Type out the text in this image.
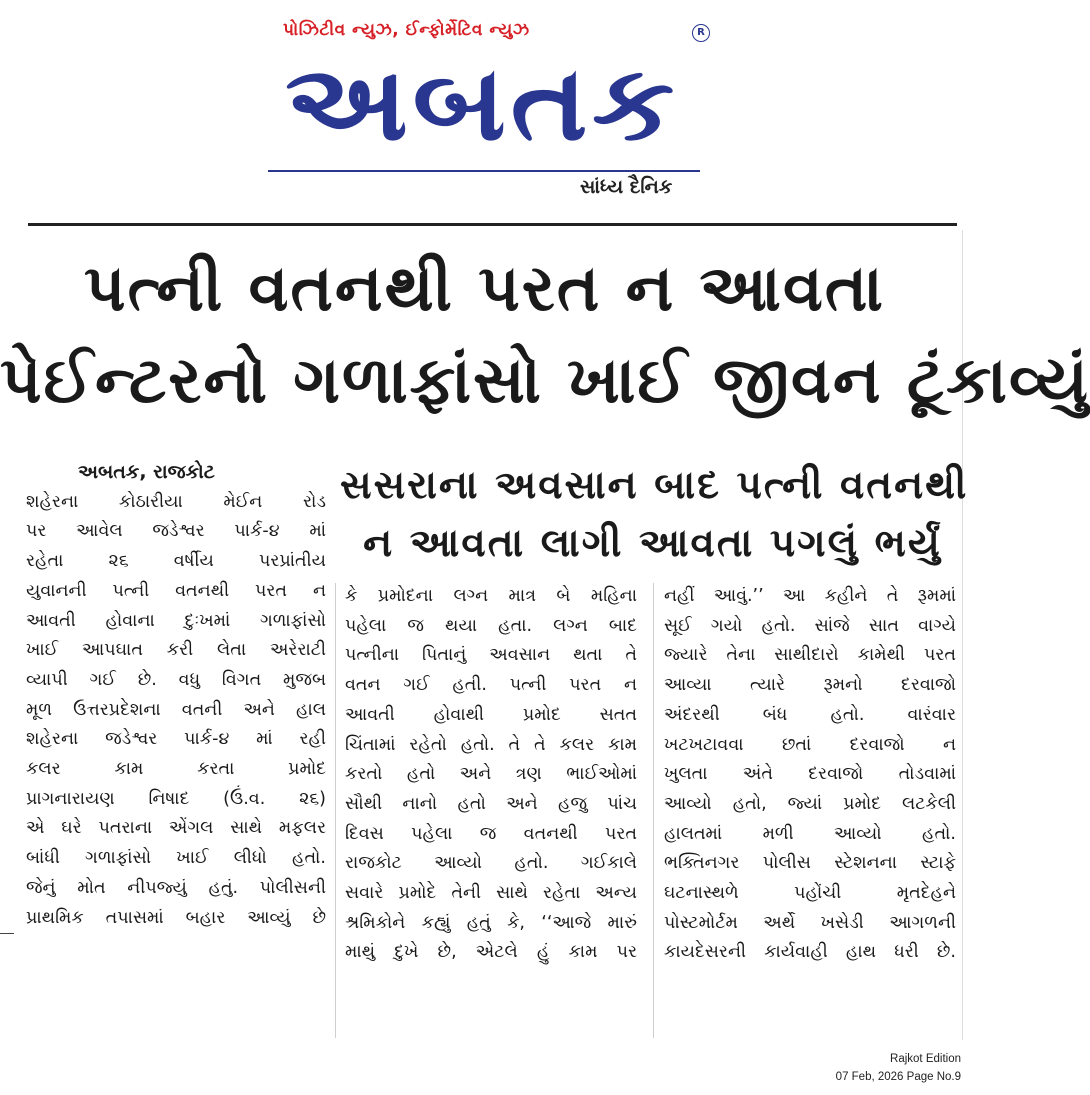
પોઝિટીવ ન્યુઝ, ઈન્ફોર્મેટિવ ન્યુઝ	R
અબતક
સાંધ્ય દૈનિક
પત્ની વતનથી પરત ન આવતા
પેઈન્ટરનો ગળાફાંસો ખાઈ જીવન ટૂંકાવ્યું
સસરાના અવસાન બાદ પત્ની વતનથી
ન આવતા લાગી આવતા પગલું ભર્યું
અબતક, રાજકોટ
શહેરના કોઠારીયા મેઈન રોડ
પર આવેલ જડેશ્વર પાર્ક-૪ માં
રહેતા ૨૬ વર્ષીય પરપ્રાંતીય
યુવાનની પત્ની વતનથી પરત ન
આવતી હોવાના દુઃખમાં ગળાફાંસો
ખાઈ આપઘાત કરી લેતા અરેરાટી
વ્યાપી ગઈ છે. વધુ વિગત મુજબ
મૂળ ઉત્તરપ્રદેશના વતની અને હાલ
શહેરના જડેશ્વર પાર્ક-૪ માં રહી
કલર કામ કરતા પ્રમોદ
પ્રાગનારાયણ નિષાદ (ઉં.વ. ૨૬)
એ ઘરે પતરાના એંગલ સાથે મફલર
બાંધી ગળાફાંસો ખાઈ લીધો હતો.
જેનું મોત નીપજ્યું હતું. પોલીસની
પ્રાથમિક તપાસમાં બહાર આવ્યું છે
કે પ્રમોદના લગ્ન માત્ર બે મહિના
પહેલા જ થયા હતા. લગ્ન બાદ
પત્નીના પિતાનું અવસાન થતા તે
વતન ગઈ હતી. પત્ની પરત ન
આવતી હોવાથી પ્રમોદ સતત
ચિંતામાં રહેતો હતો. તે તે કલર કામ
કરતો હતો અને ત્રણ ભાઈઓમાં
સૌથી નાનો હતો અને હજુ પાંચ
દિવસ પહેલા જ વતનથી પરત
રાજકોટ આવ્યો હતો. ગઈકાલે
સવારે પ્રમોદે તેની સાથે રહેતા અન્ય
શ્રમિકોને કહ્યું હતું કે, ‘‘આજે મારું
માથું દુખે છે, એટલે હું કામ પર
નહીં આવું.’’ આ કહીને તે રૂમમાં
સૂઈ ગયો હતો. સાંજે સાત વાગ્યે
જ્યારે તેના સાથીદારો કામેથી પરત
આવ્યા ત્યારે રૂમનો દરવાજો
અંદરથી બંધ હતો. વારંવાર
ખટખટાવવા છતાં દરવાજો ન
ખુલતા અંતે દરવાજો તોડવામાં
આવ્યો હતો, જ્યાં પ્રમોદ લટકેલી
હાલતમાં મળી આવ્યો હતો.
ભક્તિનગર પોલીસ સ્ટેશનના સ્ટાફે
ઘટનાસ્થળે પહોંચી મૃતદેહને
પોસ્ટમોર્ટમ અર્થે ખસેડી આગળની
કાયદેસરની કાર્યવાહી હાથ ધરી છે.
Rajkot Edition
07 Feb, 2026 Page No.9
